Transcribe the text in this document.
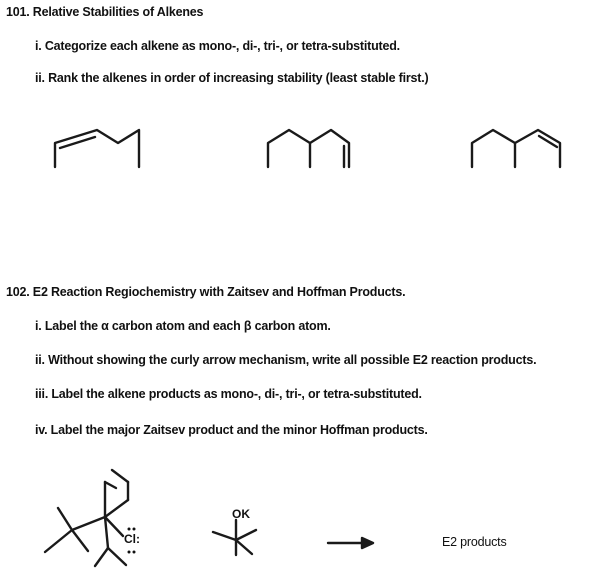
101. Relative Stabilities of Alkenes
i. Categorize each alkene as mono-, di-, tri-, or tetra-substituted.
ii. Rank the alkenes in order of increasing stability (least stable first.)
102. E2 Reaction Regiochemistry with Zaitsev and Hoffman Products.
i. Label the α carbon atom and each β carbon atom.
ii. Without showing the curly arrow mechanism, write all possible E2 reaction products.
iii. Label the alkene products as mono-, di-, tri-, or tetra-substituted.
iv. Label the major Zaitsev product and the minor Hoffman products.
Cl:
OK
E2 products
